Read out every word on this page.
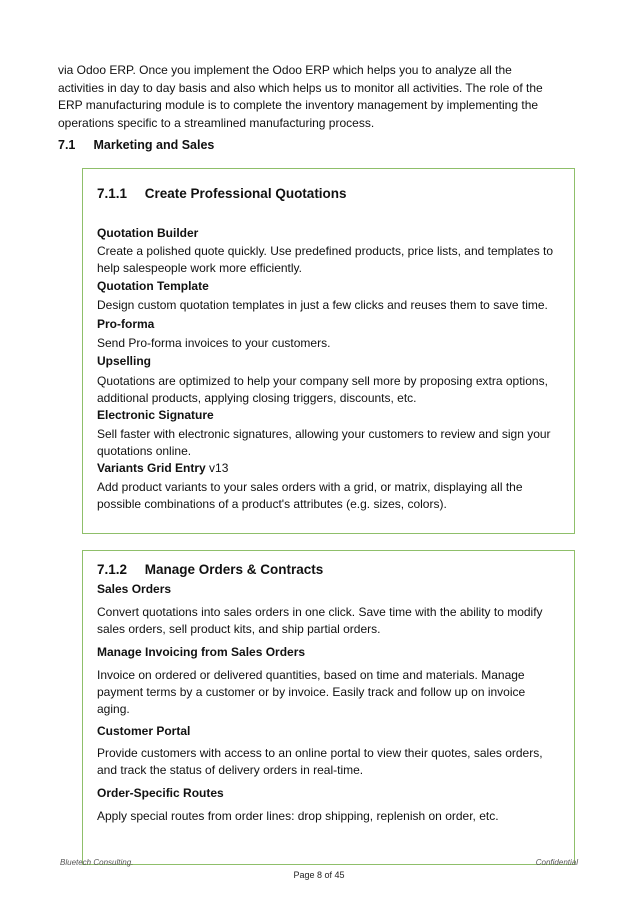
via Odoo ERP. Once you implement the Odoo ERP which helps you to analyze all the activities in day to day basis and also which helps us to monitor all activities. The role of the ERP manufacturing module is to complete the inventory management by implementing the operations specific to a streamlined manufacturing process.
7.1 Marketing and Sales
7.1.1 Create Professional Quotations
Quotation Builder
Create a polished quote quickly. Use predefined products, price lists, and templates to help salespeople work more efficiently.
Quotation Template
Design custom quotation templates in just a few clicks and reuses them to save time.
Pro-forma
Send Pro-forma invoices to your customers.
Upselling
Quotations are optimized to help your company sell more by proposing extra options, additional products, applying closing triggers, discounts, etc.
Electronic Signature
Sell faster with electronic signatures, allowing your customers to review and sign your quotations online.
Variants Grid Entry v13
Add product variants to your sales orders with a grid, or matrix, displaying all the possible combinations of a product's attributes (e.g. sizes, colors).
7.1.2 Manage Orders & Contracts
Sales Orders
Convert quotations into sales orders in one click. Save time with the ability to modify sales orders, sell product kits, and ship partial orders.
Manage Invoicing from Sales Orders
Invoice on ordered or delivered quantities, based on time and materials. Manage payment terms by a customer or by invoice. Easily track and follow up on invoice aging.
Customer Portal
Provide customers with access to an online portal to view their quotes, sales orders, and track the status of delivery orders in real-time.
Order-Specific Routes
Apply special routes from order lines: drop shipping, replenish on order, etc.
Bluetech Consulting.	Confidential
Page 8 of 45
